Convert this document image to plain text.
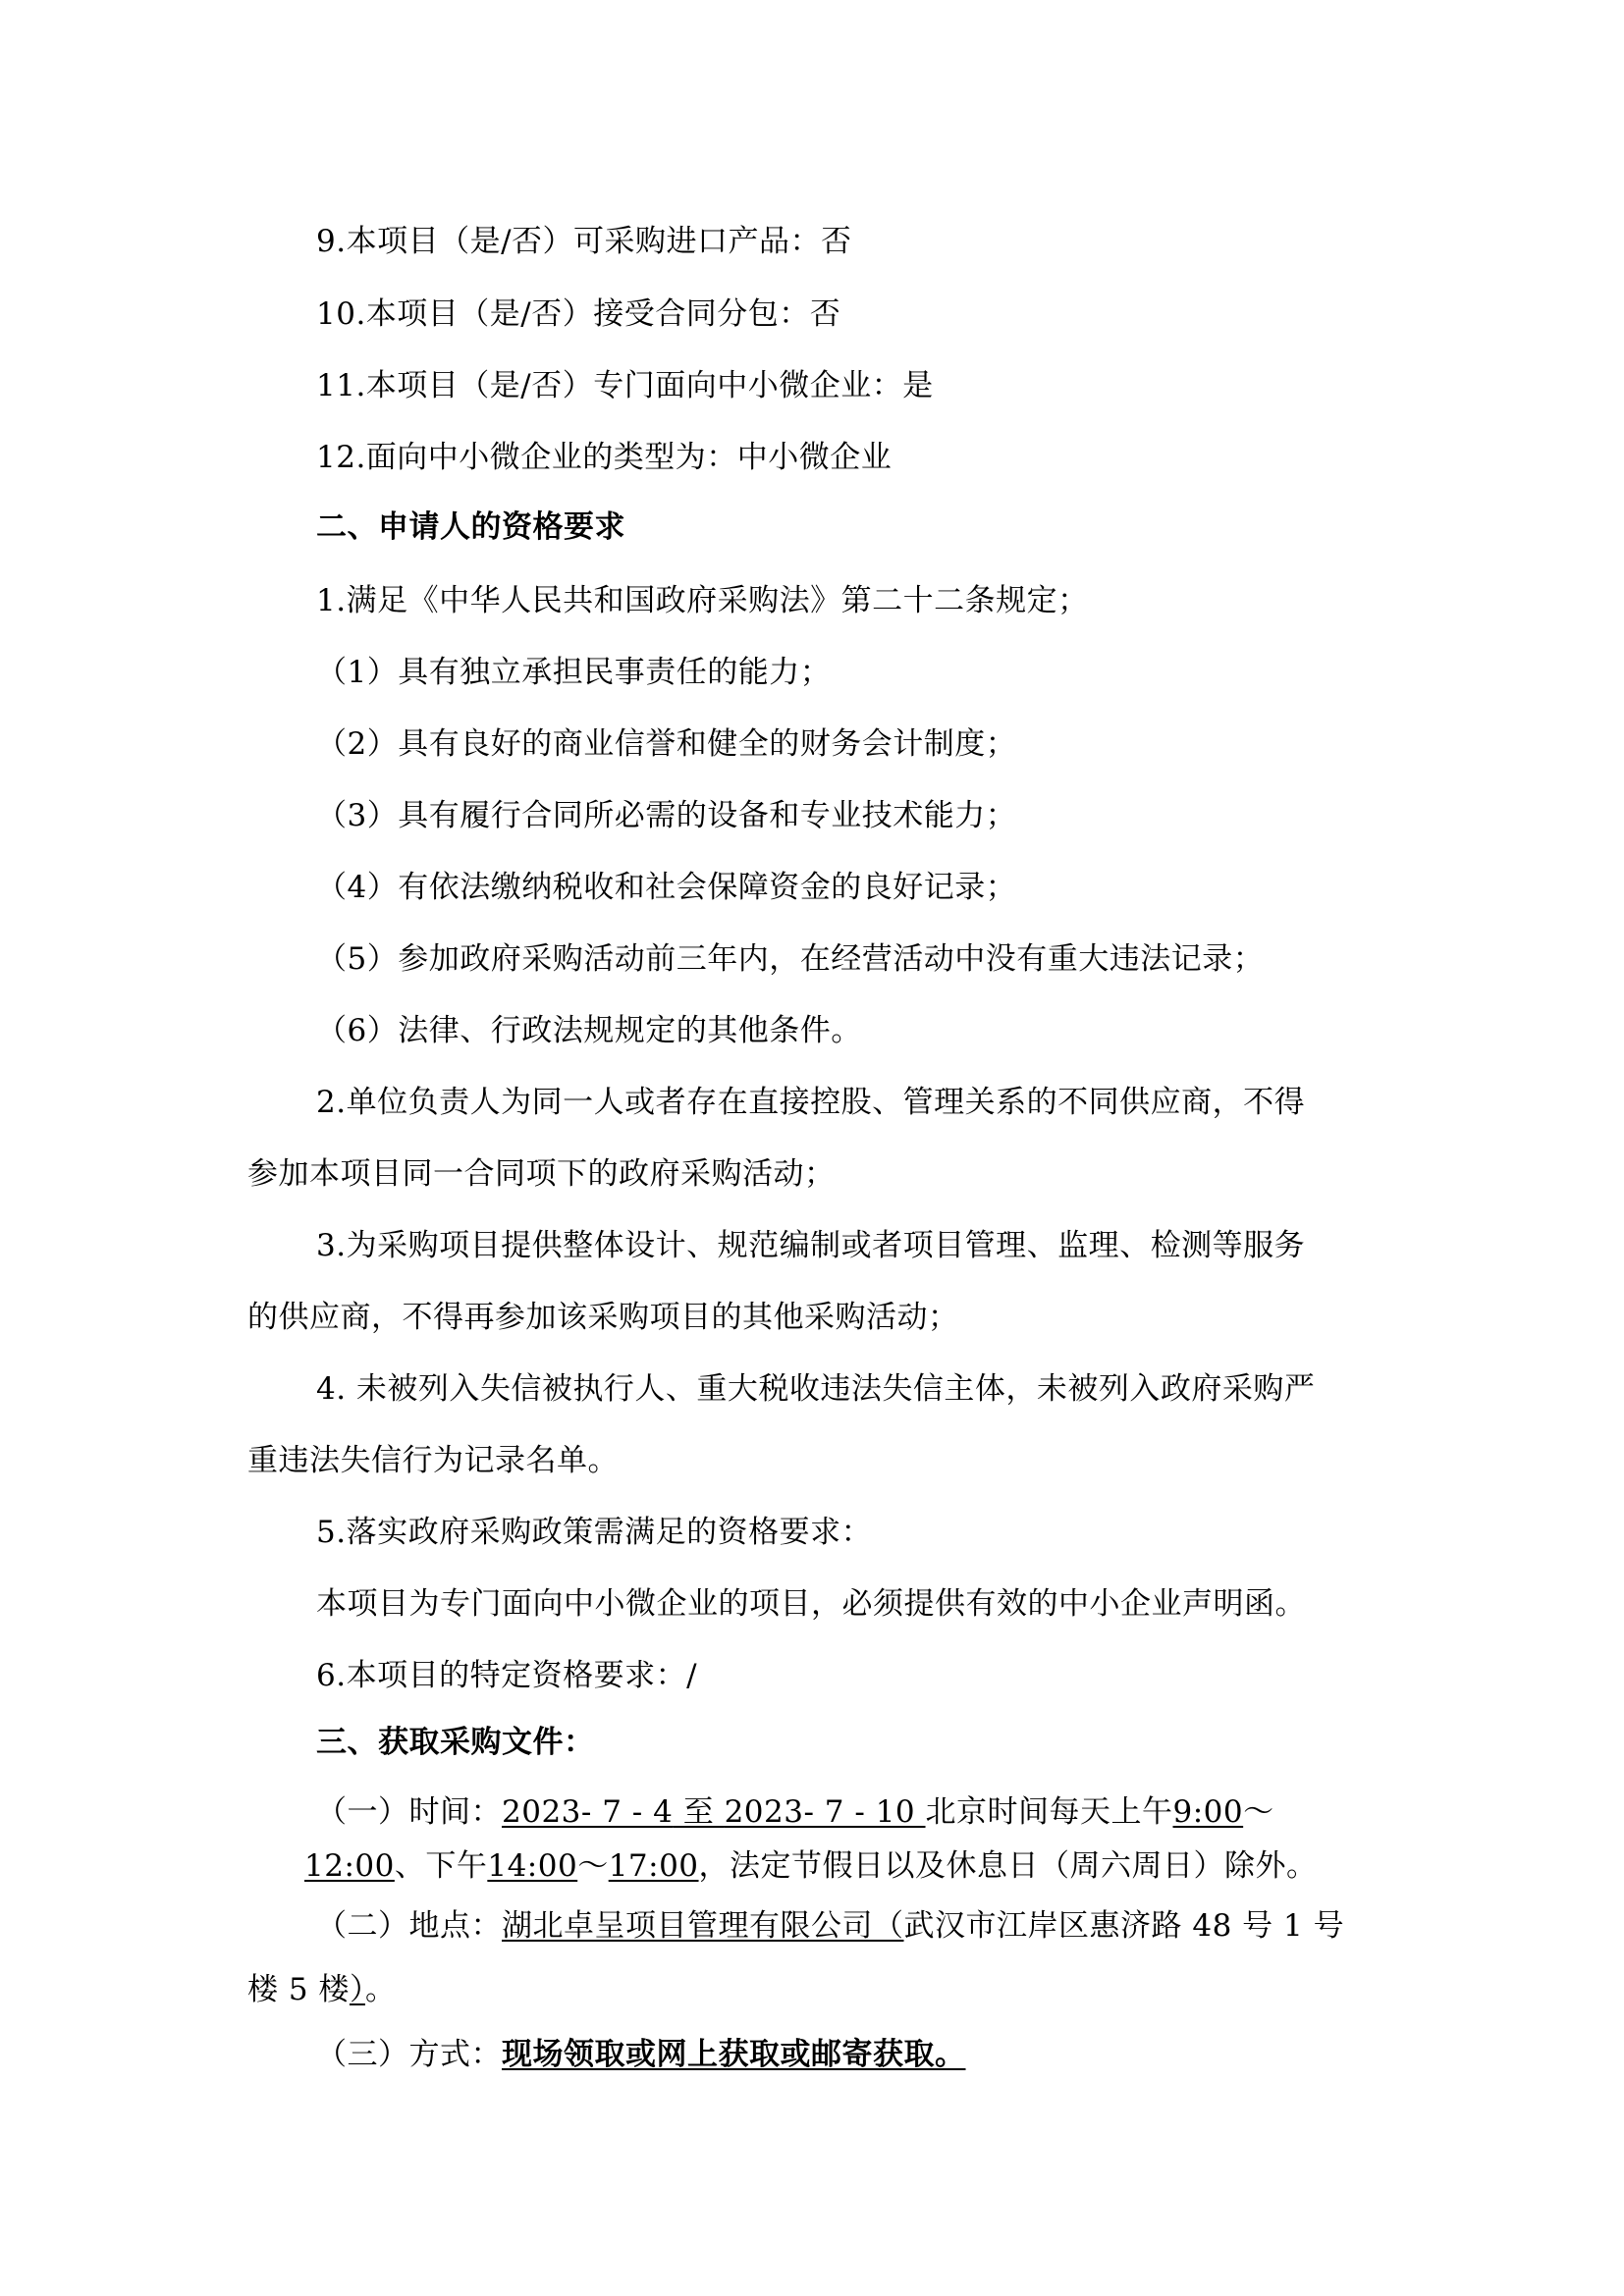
9.本项目（是/否）可采购进口产品：否
10.本项目（是/否）接受合同分包：否
11.本项目（是/否）专门面向中小微企业：是
12.面向中小微企业的类型为：中小微企业
二、申请人的资格要求
1.满足《中华人民共和国政府采购法》第二十二条规定；
（1）具有独立承担民事责任的能力；
（2）具有良好的商业信誉和健全的财务会计制度；
（3）具有履行合同所必需的设备和专业技术能力；
（4）有依法缴纳税收和社会保障资金的良好记录；
（5）参加政府采购活动前三年内，在经营活动中没有重大违法记录；
（6）法律、行政法规规定的其他条件。
2.单位负责人为同一人或者存在直接控股、管理关系的不同供应商，不得
参加本项目同一合同项下的政府采购活动；
3.为采购项目提供整体设计、规范编制或者项目管理、监理、检测等服务
的供应商，不得再参加该采购项目的其他采购活动；
4. 未被列入失信被执行人、重大税收违法失信主体，未被列入政府采购严
重违法失信行为记录名单。
5.落实政府采购政策需满足的资格要求：
本项目为专门面向中小微企业的项目，必须提供有效的中小企业声明函。
6.本项目的特定资格要求：/
三、获取采购文件：
（一）时间：2023- 7 - 4 至 2023- 7 - 10 北京时间每天上午9:00～
12:00、下午14:00～17:00，法定节假日以及休息日（周六周日）除外。
（二）地点：湖北卓呈项目管理有限公司（武汉市江岸区惠济路 48 号 1 号
楼 5 楼）。
（三）方式：现场领取或网上获取或邮寄获取。
